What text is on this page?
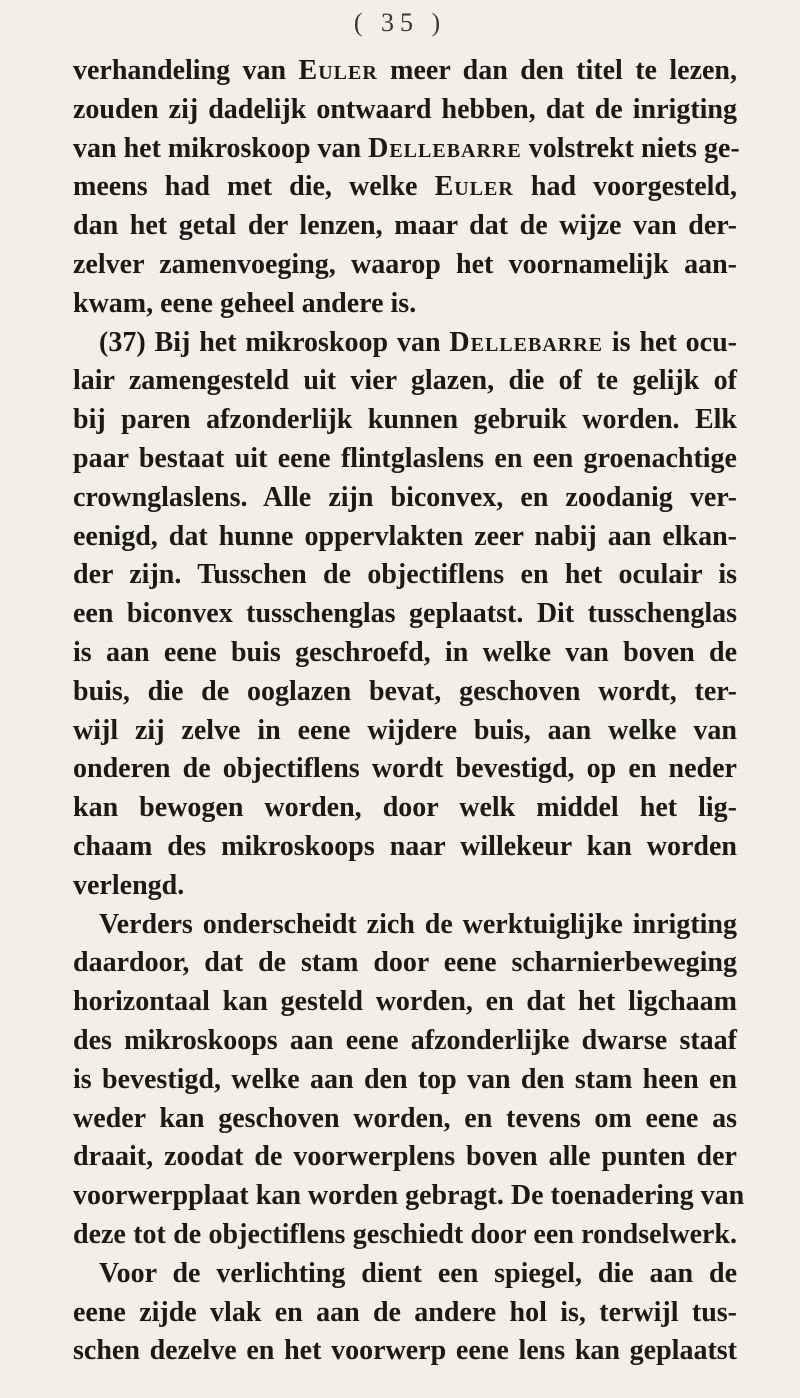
( 35 )
verhandeling van Euler meer dan den titel te lezen,
zouden zij dadelijk ontwaard hebben, dat de inrigting
van het mikroskoop van Dellebarre volstrekt niets ge-
meens had met die, welke Euler had voorgesteld,
dan het getal der lenzen, maar dat de wijze van der-
zelver zamenvoeging, waarop het voornamelijk aan-
kwam, eene geheel andere is.
(37) Bij het mikroskoop van Dellebarre is het ocu-
lair zamengesteld uit vier glazen, die of te gelijk of
bij paren afzonderlijk kunnen gebruik worden. Elk
paar bestaat uit eene flintglaslens en een groenachtige
crownglaslens. Alle zijn biconvex, en zoodanig ver-
eenigd, dat hunne oppervlakten zeer nabij aan elkan-
der zijn. Tusschen de objectiflens en het oculair is
een biconvex tusschenglas geplaatst. Dit tusschenglas
is aan eene buis geschroefd, in welke van boven de
buis, die de ooglazen bevat, geschoven wordt, ter-
wijl zij zelve in eene wijdere buis, aan welke van
onderen de objectiflens wordt bevestigd, op en neder
kan bewogen worden, door welk middel het lig-
chaam des mikroskoops naar willekeur kan worden
verlengd.
Verders onderscheidt zich de werktuiglijke inrigting
daardoor, dat de stam door eene scharnierbeweging
horizontaal kan gesteld worden, en dat het ligchaam
des mikroskoops aan eene afzonderlijke dwarse staaf
is bevestigd, welke aan den top van den stam heen en
weder kan geschoven worden, en tevens om eene as
draait, zoodat de voorwerplens boven alle punten der
voorwerpplaat kan worden gebragt. De toenadering van
deze tot de objectiflens geschiedt door een rondselwerk.
Voor de verlichting dient een spiegel, die aan de
eene zijde vlak en aan de andere hol is, terwijl tus-
schen dezelve en het voorwerp eene lens kan geplaatst
